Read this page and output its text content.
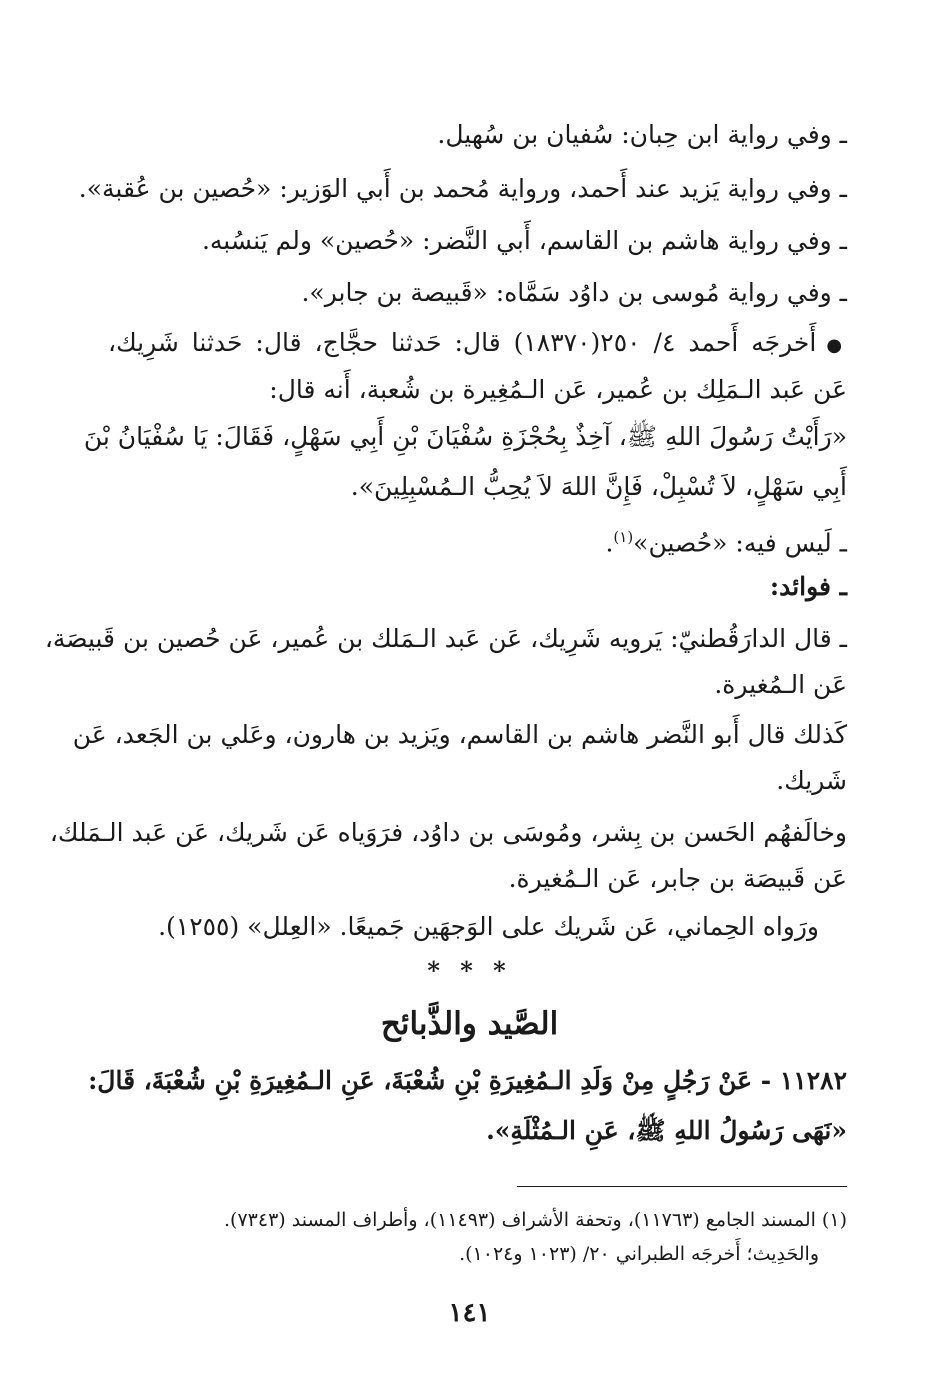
ـ وفي رواية ابن حِبان: سُفيان بن سُهيل.
ـ وفي رواية يَزيد عند أَحمد، ورواية مُحمد بن أَبي الوَزير: «حُصين بن عُقبة».
ـ وفي رواية هاشم بن القاسم، أَبي النَّضر: «حُصين» ولم يَنسُبه.
ـ وفي رواية مُوسى بن داوُد سَمَّاه: «قَبيصة بن جابر».
●أَخرجَه أَحمد ٤/ ٢٥٠(١٨٣٧٠) قال: حَدثنا حجَّاج، قال: حَدثنا شَرِيك،
عَن عَبد الـمَلِك بن عُمير، عَن الـمُغِيرة بن شُعبة، أَنه قال:
«رَأَيْتُ رَسُولَ اللهِ ﷺ، آخِذٌ بِحُجْزَةِ سُفْيَانَ بْنِ أَبِي سَهْلٍ، فَقَالَ: يَا سُفْيَانُ بْنَ
أَبِي سَهْلٍ، لاَ تُسْبِلْ، فَإِنَّ اللهَ لاَ يُحِبُّ الـمُسْبِلِينَ».
ـ لَيس فيه: «حُصين»$^{(١)}$.
ـ فوائد:
ـ قال الدارَقُطنيّ: يَرويه شَرِيك، عَن عَبد الـمَلك بن عُمير، عَن حُصين بن قَبيصَة،
عَن الـمُغيرة.
كَذلك قال أَبو النَّضر هاشم بن القاسم، ويَزيد بن هارون، وعَلي بن الجَعد، عَن
شَريك.
وخالَفهُم الحَسن بن بِشر، ومُوسَى بن داوُد، فرَوَياه عَن شَريك، عَن عَبد الـمَلك،
عَن قَبيصَة بن جابر، عَن الـمُغيرة.
ورَواه الحِماني، عَن شَريك على الوَجهَين جَميعًا. «العِلل» (١٢٥٥).
* * *
الصَّيد والذَّبائح
١١٢٨٢ - عَنْ رَجُلٍ مِنْ وَلَدِ الـمُغِيرَةِ بْنِ شُعْبَةَ، عَنِ الـمُغِيرَةِ بْنِ شُعْبَةَ، قَالَ:
«نَهَى رَسُولُ اللهِ ﷺ، عَنِ الـمُثْلَةِ».
(١) المسند الجامع (١١٧٦٣)، وتحفة الأشراف (١١٤٩٣)، وأطراف المسند (٧٣٤٣).
والحَدِيث؛ أَخرجَه الطبراني ٢٠/ (١٠٢٣ و١٠٢٤).
١٤١
